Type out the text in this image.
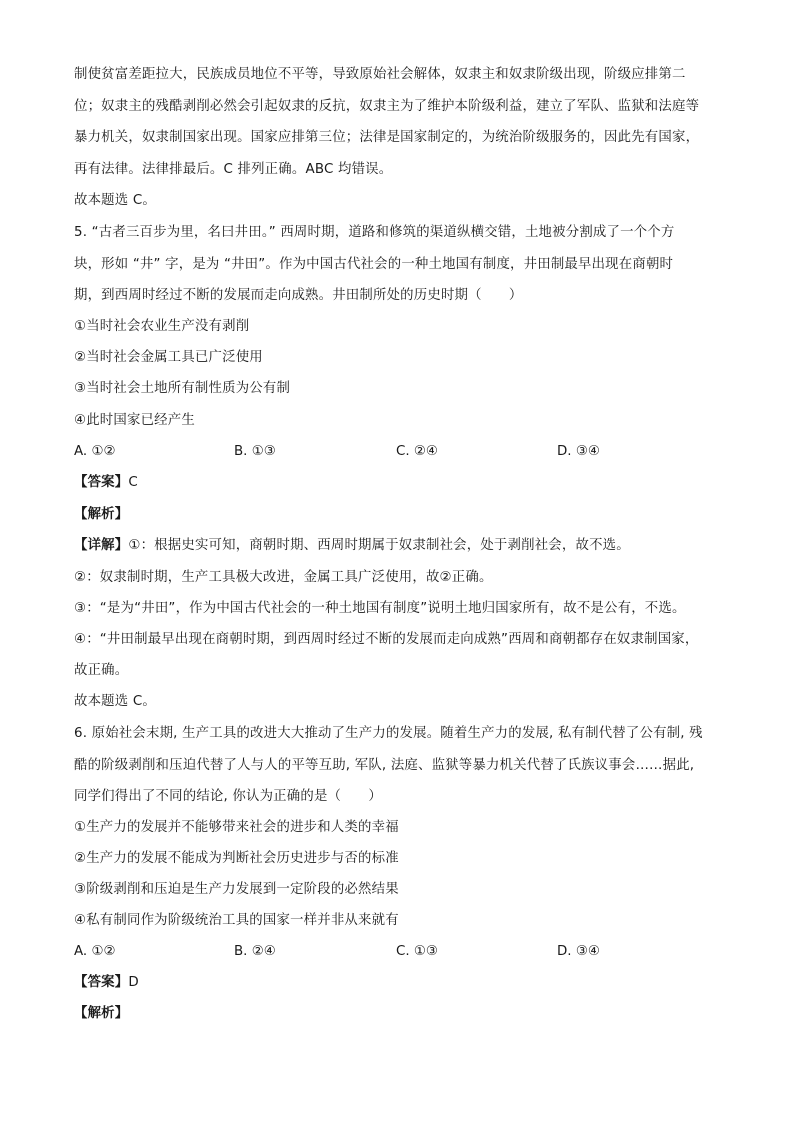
制使贫富差距拉大，民族成员地位不平等，导致原始社会解体，奴隶主和奴隶阶级出现，阶级应排第二
位；奴隶主的残酷剥削必然会引起奴隶的反抗，奴隶主为了维护本阶级利益，建立了军队、监狱和法庭等
暴力机关，奴隶制国家出现。国家应排第三位；法律是国家制定的，为统治阶级服务的，因此先有国家，
再有法律。法律排最后。C 排列正确。ABC 均错误。
故本题选 C。
5. “古者三百步为里，名曰井田。” 西周时期，道路和修筑的渠道纵横交错，土地被分割成了一个个方
块，形如 “井” 字，是为 “井田”。作为中国古代社会的一种土地国有制度，井田制最早出现在商朝时
期，到西周时经过不断的发展而走向成熟。井田制所处的历史时期（　　）
①当时社会农业生产没有剥削
②当时社会金属工具已广泛使用
③当时社会土地所有制性质为公有制
④此时国家已经产生
A. ①②	B. ①③	C. ②④	D. ③④
【答案】C
【解析】
【详解】①：根据史实可知，商朝时期、西周时期属于奴隶制社会，处于剥削社会，故不选。
②：奴隶制时期，生产工具极大改进，金属工具广泛使用，故②正确。
③：“是为“井田”，作为中国古代社会的一种土地国有制度”说明土地归国家所有，故不是公有，不选。
④：“井田制最早出现在商朝时期，到西周时经过不断的发展而走向成熟”西周和商朝都存在奴隶制国家，
故正确。
故本题选 C。
6. 原始社会末期, 生产工具的改进大大推动了生产力的发展。随着生产力的发展, 私有制代替了公有制, 残
酷的阶级剥削和压迫代替了人与人的平等互助, 军队, 法庭、监狱等暴力机关代替了氏族议事会……据此,
同学们得出了不同的结论, 你认为正确的是（　　）
①生产力的发展并不能够带来社会的进步和人类的幸福
②生产力的发展不能成为判断社会历史进步与否的标准
③阶级剥削和压迫是生产力发展到一定阶段的必然结果
④私有制同作为阶级统治工具的国家一样并非从来就有
A. ①②	B. ②④	C. ①③	D. ③④
【答案】D
【解析】
